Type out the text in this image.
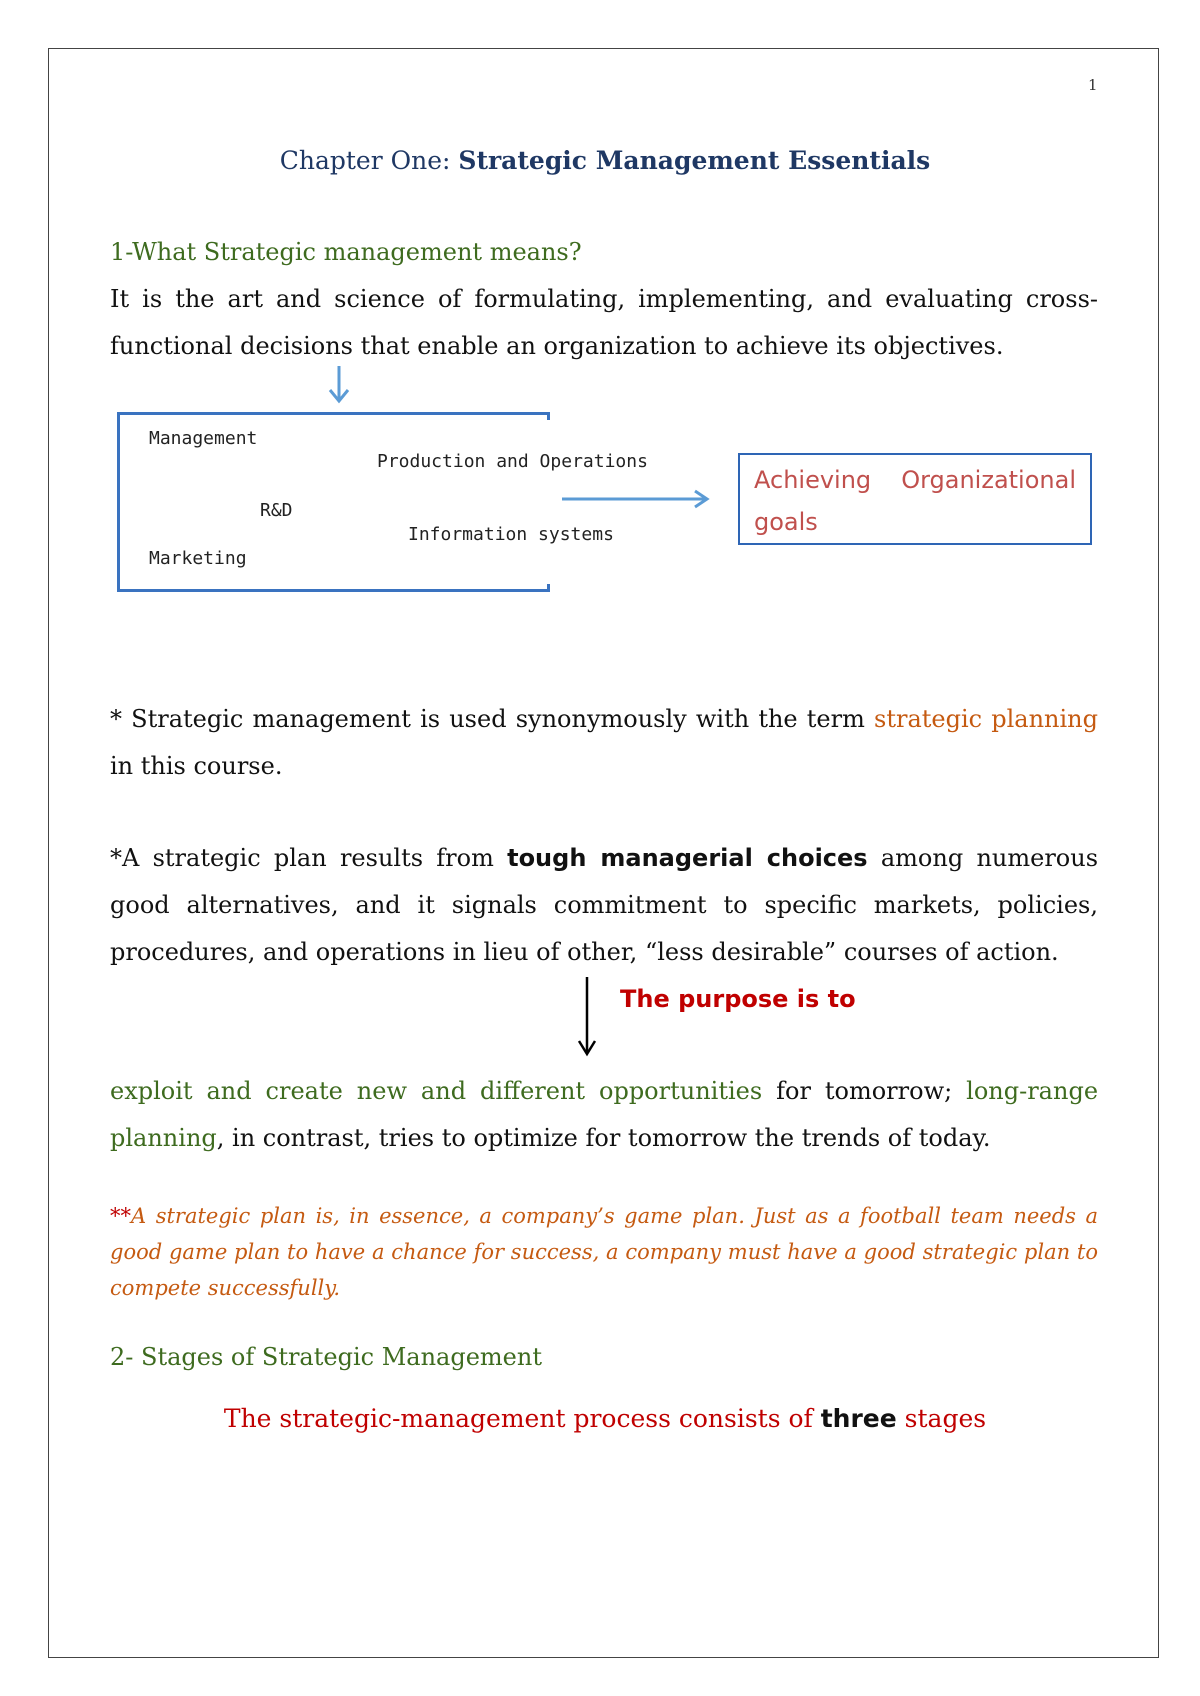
1
Chapter One: Strategic Management Essentials
1-What Strategic management means?
It is the art and science of formulating, implementing, and evaluating cross-functional decisions that enable an organization to achieve its objectives.
Management
Production and Operations
R&D
Information systems
Marketing
Achieving Organizational goals
* Strategic management is used synonymously with the term strategic planning in this course.
*A strategic plan results from tough managerial choices among numerous good alternatives, and it signals commitment to specific markets, policies, procedures, and operations in lieu of other, “less desirable” courses of action.
The purpose is to
exploit and create new and different opportunities for tomorrow; long-range planning, in contrast, tries to optimize for tomorrow the trends of today.
**A strategic plan is, in essence, a company’s game plan. Just as a football team needs a good game plan to have a chance for success, a company must have a good strategic plan to compete successfully.
2- Stages of Strategic Management
The strategic-management process consists of three stages
